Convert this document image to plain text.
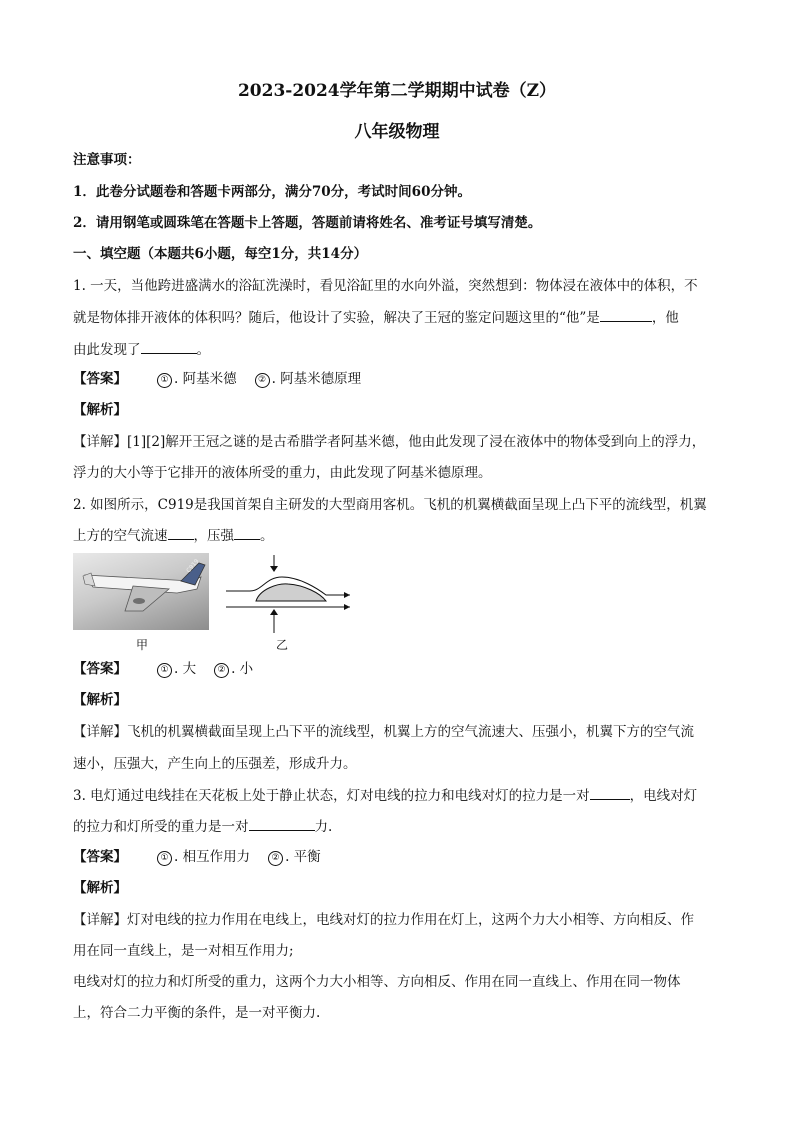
2023-2024学年第二学期期中试卷（Z）
八年级物理
注意事项：
1．此卷分试题卷和答题卡两部分，满分70分，考试时间60分钟。
2．请用钢笔或圆珠笔在答题卡上答题，答题前请将姓名、准考证号填写清楚。
一、填空题（本题共6小题，每空1分，共14分）
1. 一天，当他跨进盛满水的浴缸洗澡时，看见浴缸里的水向外溢，突然想到：物体浸在液体中的体积，不
就是物体排开液体的体积吗？随后，他设计了实验，解决了王冠的鉴定问题这里的“他”是	，他
由此发现了	。
【答案】	① . 阿基米德 ② . 阿基米德原理
【解析】
【详解】[1][2]解开王冠之谜的是古希腊学者阿基米德，他由此发现了浸在液体中的物体受到向上的浮力，
浮力的大小等于它排开的液体所受的重力，由此发现了阿基米德原理。
2. 如图所示，C919是我国首架自主研发的大型商用客机。飞机的机翼横截面呈现上凸下平的流线型，机翼
上方的空气流速 ，压强 。
C919
甲	乙
【答案】	① . 大 ② . 小
【解析】
【详解】飞机的机翼横截面呈现上凸下平的流线型，机翼上方的空气流速大、压强小，机翼下方的空气流
速小，压强大，产生向上的压强差，形成升力。
3. 电灯通过电线挂在天花板上处于静止状态，灯对电线的拉力和电线对灯的拉力是一对	，电线对灯
的拉力和灯所受的重力是一对	力.
【答案】	① . 相互作用力 ② . 平衡
【解析】
【详解】灯对电线的拉力作用在电线上，电线对灯的拉力作用在灯上，这两个力大小相等、方向相反、作
用在同一直线上，是一对相互作用力;
电线对灯的拉力和灯所受的重力，这两个力大小相等、方向相反、作用在同一直线上、作用在同一物体
上，符合二力平衡的条件，是一对平衡力.
